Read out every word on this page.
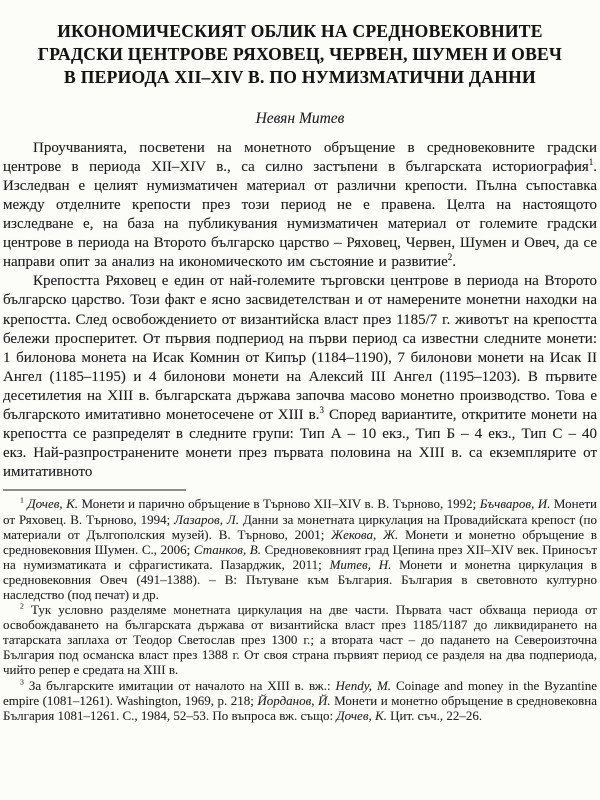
ИКОНОМИЧЕСКИЯТ ОБЛИК НА СРЕДНОВЕКОВНИТЕ
ГРАДСКИ ЦЕНТРОВЕ РЯХОВЕЦ, ЧЕРВЕН, ШУМЕН И ОВЕЧ
В ПЕРИОДА XII–XIV В. ПО НУМИЗМАТИЧНИ ДАННИ
Невян Митев

Проучванията, посветени на монетното обръщение в средновековните градски центрове в периода XII–XIV в., са силно застъпени в българската историография$^1$. Изследван е целият нумизматичен материал от различни крепости. Пълна съпоставка между отделните крепости през този период не е правена. Целта на настоящото изследване е, на база на публикувания нумизматичен материал от големите градски центрове в периода на Второто българско царство – Ряховец, Червен, Шумен и Овеч, да се направи опит за анализ на икономическото им състояние и развитие$^2$.

Крепостта Ряховец е един от най-големите търговски центрове в периода на Второто българско царство. Този факт е ясно засвидетелстван и от намерените монетни находки на крепостта. След освобождението от византийска власт през 1185/7 г. животът на крепостта бележи просперитет. От първия подпериод на първи период са известни следните монети: 1 билонова монета на Исак Комнин от Кипър (1184–1190), 7 билонови монети на Исак II Ангел (1185–1195) и 4 билонови монети на Алексий III Ангел (1195–1203). В първите десетилетия на XIII в. българската държава започва масово монетно производство. Това е българското имитативно монетосечене от XIII в.$^3$ Според вариантите, откритите монети на крепостта се разпределят в следните групи: Тип А – 10 екз., Тип Б – 4 екз., Тип С – 40 екз. Най-разпространените монети през първата половина на XIII в. са екземплярите от имитативното

$^1$ Дочев, К. Монети и парично обръщение в Търново XII–XIV в. В. Търново, 1992; Бъчваров, И. Монети от Ряховец. В. Търново, 1994; Лазаров, Л. Данни за монетната циркулация на Провадийската крепост (по материали от Дългополския музей). В. Търново, 2001; Жекова, Ж. Монети и монетно обръщение в средновековния Шумен. С., 2006; Станков, В. Средновековният град Цепина през XII–XIV век. Приносът на нумизматиката и сфрагистиката. Пазарджик, 2011; Митев, Н. Монети и монетна циркулация в средновековния Овеч (491–1388). – В: Пътуване към България. България в световното културно наследство (под печат) и др.

$^2$ Тук условно разделяме монетната циркулация на две части. Първата част обхваща периода от освобождаването на българската държава от византийска власт през 1185/1187 до ликвидирането на татарската заплаха от Теодор Светослав през 1300 г.; а втората част – до падането на Североизточна България под османска власт през 1388 г. От своя страна първият период се разделя на два подпериода, чийто репер е средата на XIII в.

$^3$ За българските имитации от началото на XIII в. вж.: Hendy, M. Coinage and money in the Byzantine empire (1081–1261). Washington, 1969, p. 218; Йорданов, Й. Монети и монетно обръщение в средновековна България 1081–1261. С., 1984, 52–53. По въпроса вж. също: Дочев, К. Цит. съч., 22–26.
